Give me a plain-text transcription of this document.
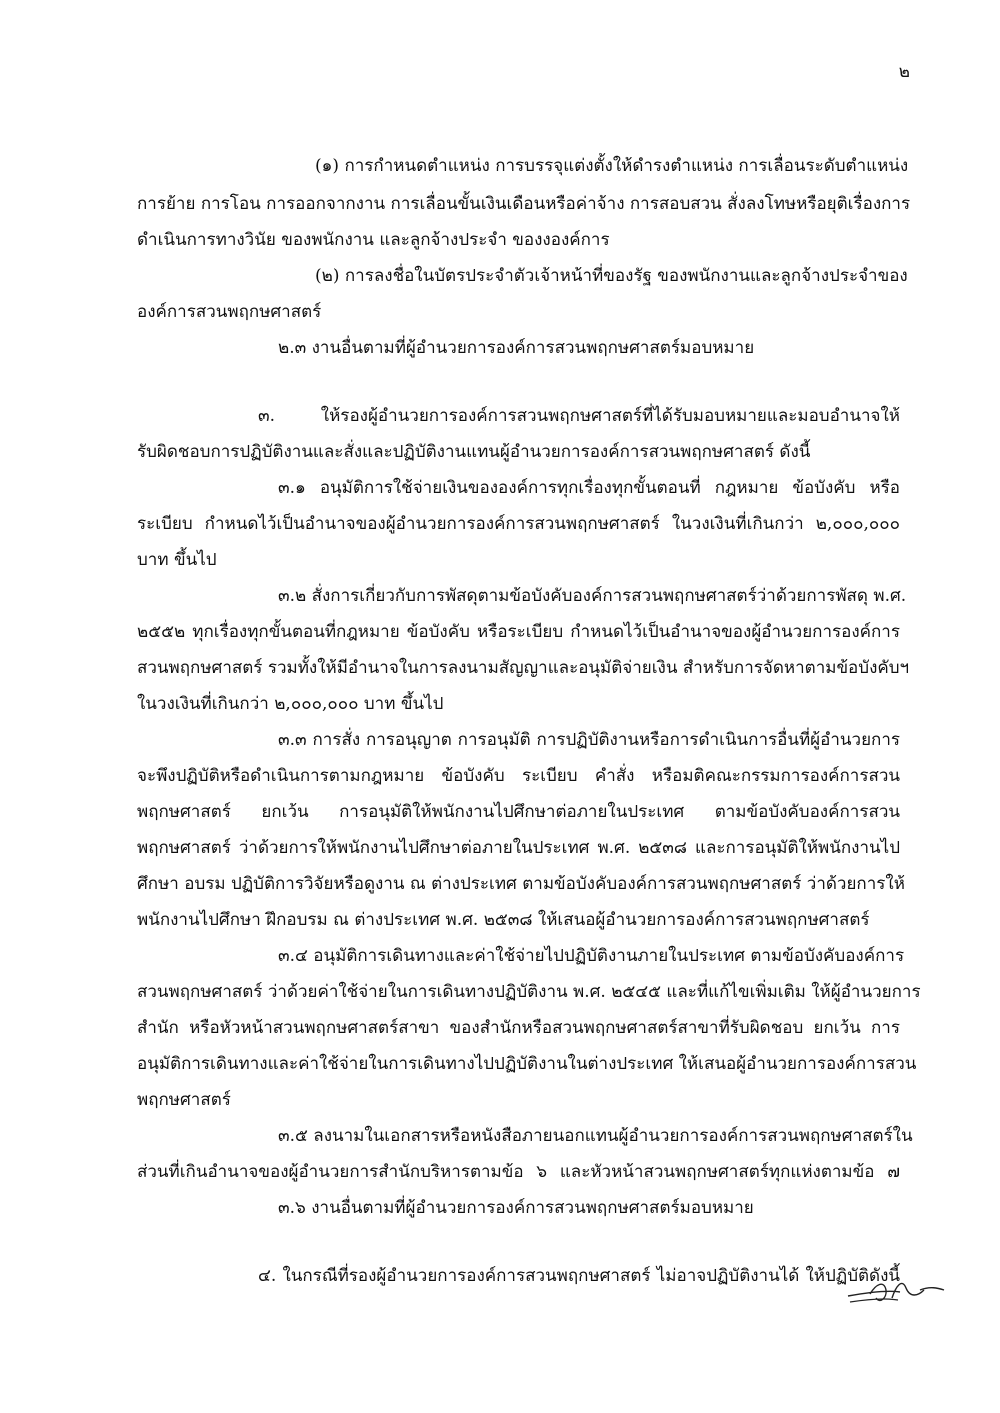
๒
(๑) การกำหนดตำแหน่ง การบรรจุแต่งตั้งให้ดำรงตำแหน่ง การเลื่อนระดับตำแหน่ง
การย้าย การโอน การออกจากงาน การเลื่อนขั้นเงินเดือนหรือค่าจ้าง การสอบสวน สั่งลงโทษหรือยุติเรื่องการ
ดำเนินการทางวินัย ของพนักงาน และลูกจ้างประจำ ของงองค์การ
(๒) การลงชื่อในบัตรประจำตัวเจ้าหน้าที่ของรัฐ ของพนักงานและลูกจ้างประจำของ
องค์การสวนพฤกษศาสตร์
๒.๓ งานอื่นตามที่ผู้อำนวยการองค์การสวนพฤกษศาสตร์มอบหมาย
๓. ให้รองผู้อำนวยการองค์การสวนพฤกษศาสตร์ที่ได้รับมอบหมายและมอบอำนาจให้
รับผิดชอบการปฏิบัติงานและสั่งและปฏิบัติงานแทนผู้อำนวยการองค์การสวนพฤกษศาสตร์ ดังนี้
๓.๑ อนุมัติการใช้จ่ายเงินขององค์การทุกเรื่องทุกขั้นตอนที่ กฎหมาย ข้อบังคับ หรือ
ระเบียบ กำหนดไว้เป็นอำนาจของผู้อำนวยการองค์การสวนพฤกษศาสตร์ ในวงเงินที่เกินกว่า ๒,๐๐๐,๐๐๐
บาท ขึ้นไป
๓.๒ สั่งการเกี่ยวกับการพัสดุตามข้อบังคับองค์การสวนพฤกษศาสตร์ว่าด้วยการพัสดุ พ.ศ.
๒๕๕๒ ทุกเรื่องทุกขั้นตอนที่กฎหมาย ข้อบังคับ หรือระเบียบ กำหนดไว้เป็นอำนาจของผู้อำนวยการองค์การ
สวนพฤกษศาสตร์ รวมทั้งให้มีอำนาจในการลงนามสัญญาและอนุมัติจ่ายเงิน สำหรับการจัดหาตามข้อบังคับฯ
ในวงเงินที่เกินกว่า ๒,๐๐๐,๐๐๐ บาท ขึ้นไป
๓.๓ การสั่ง การอนุญาต การอนุมัติ การปฏิบัติงานหรือการดำเนินการอื่นที่ผู้อำนวยการ
จะพึงปฏิบัติหรือดำเนินการตามกฎหมาย ข้อบังคับ ระเบียบ คำสั่ง หรือมติคณะกรรมการองค์การสวน
พฤกษศาสตร์ ยกเว้น การอนุมัติให้พนักงานไปศึกษาต่อภายในประเทศ ตามข้อบังคับองค์การสวน
พฤกษศาสตร์ ว่าด้วยการให้พนักงานไปศึกษาต่อภายในประเทศ พ.ศ. ๒๕๓๘ และการอนุมัติให้พนักงานไป
ศึกษา อบรม ปฏิบัติการวิจัยหรือดูงาน ณ ต่างประเทศ ตามข้อบังคับองค์การสวนพฤกษศาสตร์ ว่าด้วยการให้
พนักงานไปศึกษา ฝึกอบรม ณ ต่างประเทศ พ.ศ. ๒๕๓๘ ให้เสนอผู้อำนวยการองค์การสวนพฤกษศาสตร์
๓.๔ อนุมัติการเดินทางและค่าใช้จ่ายไปปฏิบัติงานภายในประเทศ ตามข้อบังคับองค์การ
สวนพฤกษศาสตร์ ว่าด้วยค่าใช้จ่ายในการเดินทางปฏิบัติงาน พ.ศ. ๒๕๔๕ และที่แก้ไขเพิ่มเติม ให้ผู้อำนวยการ
สำนัก หรือหัวหน้าสวนพฤกษศาสตร์สาขา ของสำนักหรือสวนพฤกษศาสตร์สาขาที่รับผิดชอบ ยกเว้น การ
อนุมัติการเดินทางและค่าใช้จ่ายในการเดินทางไปปฏิบัติงานในต่างประเทศ ให้เสนอผู้อำนวยการองค์การสวน
พฤกษศาสตร์
๓.๕ ลงนามในเอกสารหรือหนังสือภายนอกแทนผู้อำนวยการองค์การสวนพฤกษศาสตร์ใน
ส่วนที่เกินอำนาจของผู้อำนวยการสำนักบริหารตามข้อ ๖ และหัวหน้าสวนพฤกษศาสตร์ทุกแห่งตามข้อ ๗
๓.๖ งานอื่นตามที่ผู้อำนวยการองค์การสวนพฤกษศาสตร์มอบหมาย
๔. ในกรณีที่รองผู้อำนวยการองค์การสวนพฤกษศาสตร์ ไม่อาจปฏิบัติงานได้ ให้ปฏิบัติดังนี้
